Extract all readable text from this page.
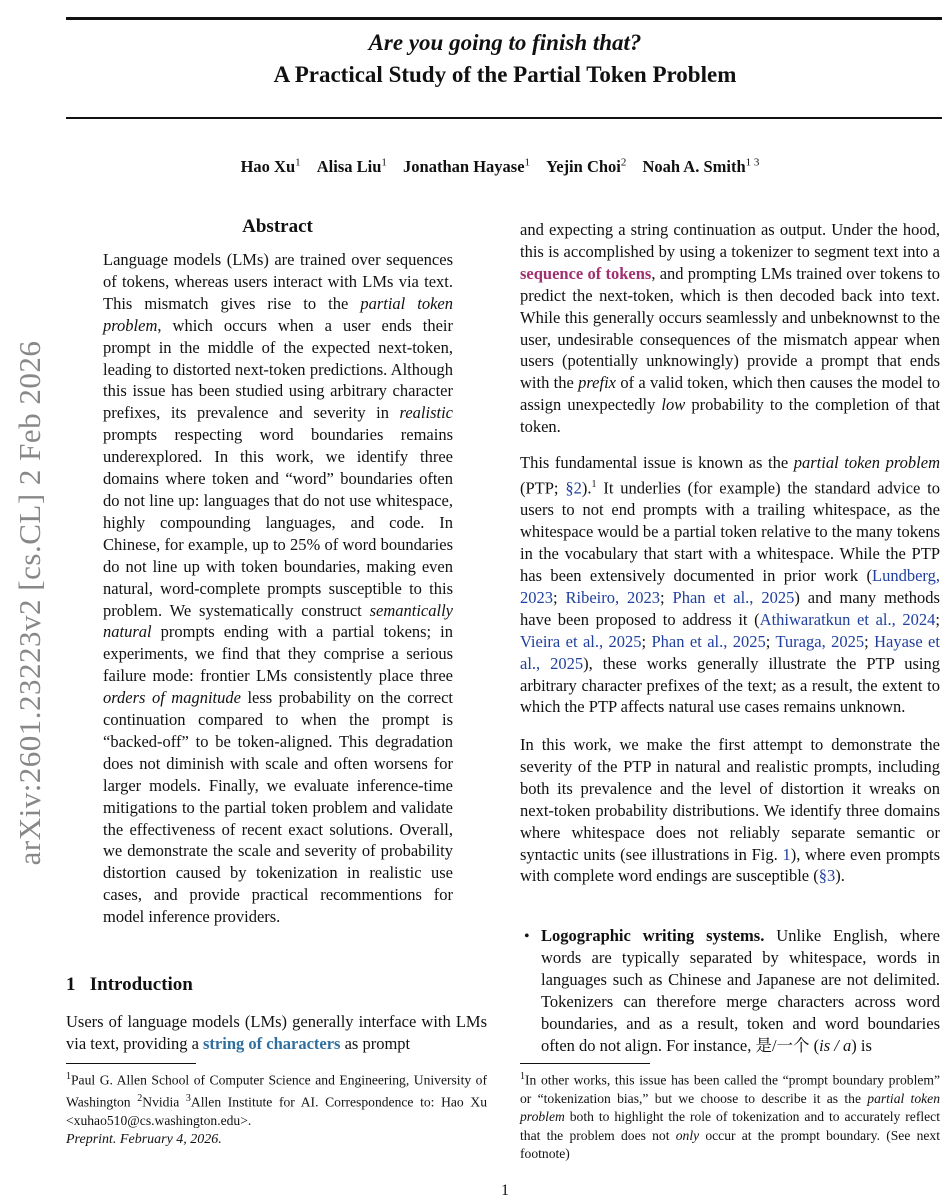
arXiv:2601.23223v2 [cs.CL] 2 Feb 2026
Are you going to finish that?
A Practical Study of the Partial Token Problem
Hao Xu$^1$ Alisa Liu$^1$ Jonathan Hayase$^1$ Yejin Choi$^2$ Noah A. Smith$^{1 3}$
Abstract
Language models (LMs) are trained over sequences of tokens, whereas users interact with LMs via text. This mismatch gives rise to the partial token problem, which occurs when a user ends their prompt in the middle of the expected next-token, leading to distorted next-token predictions. Although this issue has been studied using arbitrary character prefixes, its prevalence and severity in realistic prompts respecting word boundaries remains underexplored. In this work, we identify three domains where token and “word” boundaries often do not line up: languages that do not use whitespace, highly compounding languages, and code. In Chinese, for example, up to 25% of word boundaries do not line up with token boundaries, making even natural, word-complete prompts susceptible to this problem. We systematically construct semantically natural prompts ending with a partial tokens; in experiments, we find that they comprise a serious failure mode: frontier LMs consistently place three orders of magnitude less probability on the correct continuation compared to when the prompt is “backed-off” to be token-aligned. This degradation does not diminish with scale and often worsens for larger models. Finally, we evaluate inference-time mitigations to the partial token problem and validate the effectiveness of recent exact solutions. Overall, we demonstrate the scale and severity of probability distortion caused by tokenization in realistic use cases, and provide practical recommentions for model inference providers.
1   Introduction
Users of language models (LMs) generally interface with LMs via text, providing a string of characters as prompt
$^1$Paul G. Allen School of Computer Science and Engineering, University of Washington $^2$Nvidia $^3$Allen Institute for AI. Correspondence to: Hao Xu <xuhao510@cs.washington.edu>.
Preprint. February 4, 2026.
and expecting a string continuation as output. Under the hood, this is accomplished by using a tokenizer to segment text into a sequence of tokens, and prompting LMs trained over tokens to predict the next-token, which is then decoded back into text. While this generally occurs seamlessly and unbeknownst to the user, undesirable consequences of the mismatch appear when users (potentially unknowingly) provide a prompt that ends with the prefix of a valid token, which then causes the model to assign unexpectedly low probability to the completion of that token.
This fundamental issue is known as the partial token problem (PTP; §2).$^1$ It underlies (for example) the standard advice to users to not end prompts with a trailing whitespace, as the whitespace would be a partial token relative to the many tokens in the vocabulary that start with a whitespace. While the PTP has been extensively documented in prior work (Lundberg, 2023; Ribeiro, 2023; Phan et al., 2025) and many methods have been proposed to address it (Athiwaratkun et al., 2024; Vieira et al., 2025; Phan et al., 2025; Turaga, 2025; Hayase et al., 2025), these works generally illustrate the PTP using arbitrary character prefixes of the text; as a result, the extent to which the PTP affects natural use cases remains unknown.
In this work, we make the first attempt to demonstrate the severity of the PTP in natural and realistic prompts, including both its prevalence and the level of distortion it wreaks on next-token probability distributions. We identify three domains where whitespace does not reliably separate semantic or syntactic units (see illustrations in Fig. 1), where even prompts with complete word endings are susceptible (§3).
• Logographic writing systems. Unlike English, where words are typically separated by whitespace, words in languages such as Chinese and Japanese are not delimited. Tokenizers can therefore merge characters across word boundaries, and as a result, token and word boundaries often do not align. For instance, 是/一个 (is / a) is
$^1$In other works, this issue has been called the “prompt boundary problem” or “tokenization bias,” but we choose to describe it as the partial token problem both to highlight the role of tokenization and to accurately reflect that the problem does not only occur at the prompt boundary. (See next footnote)
1
